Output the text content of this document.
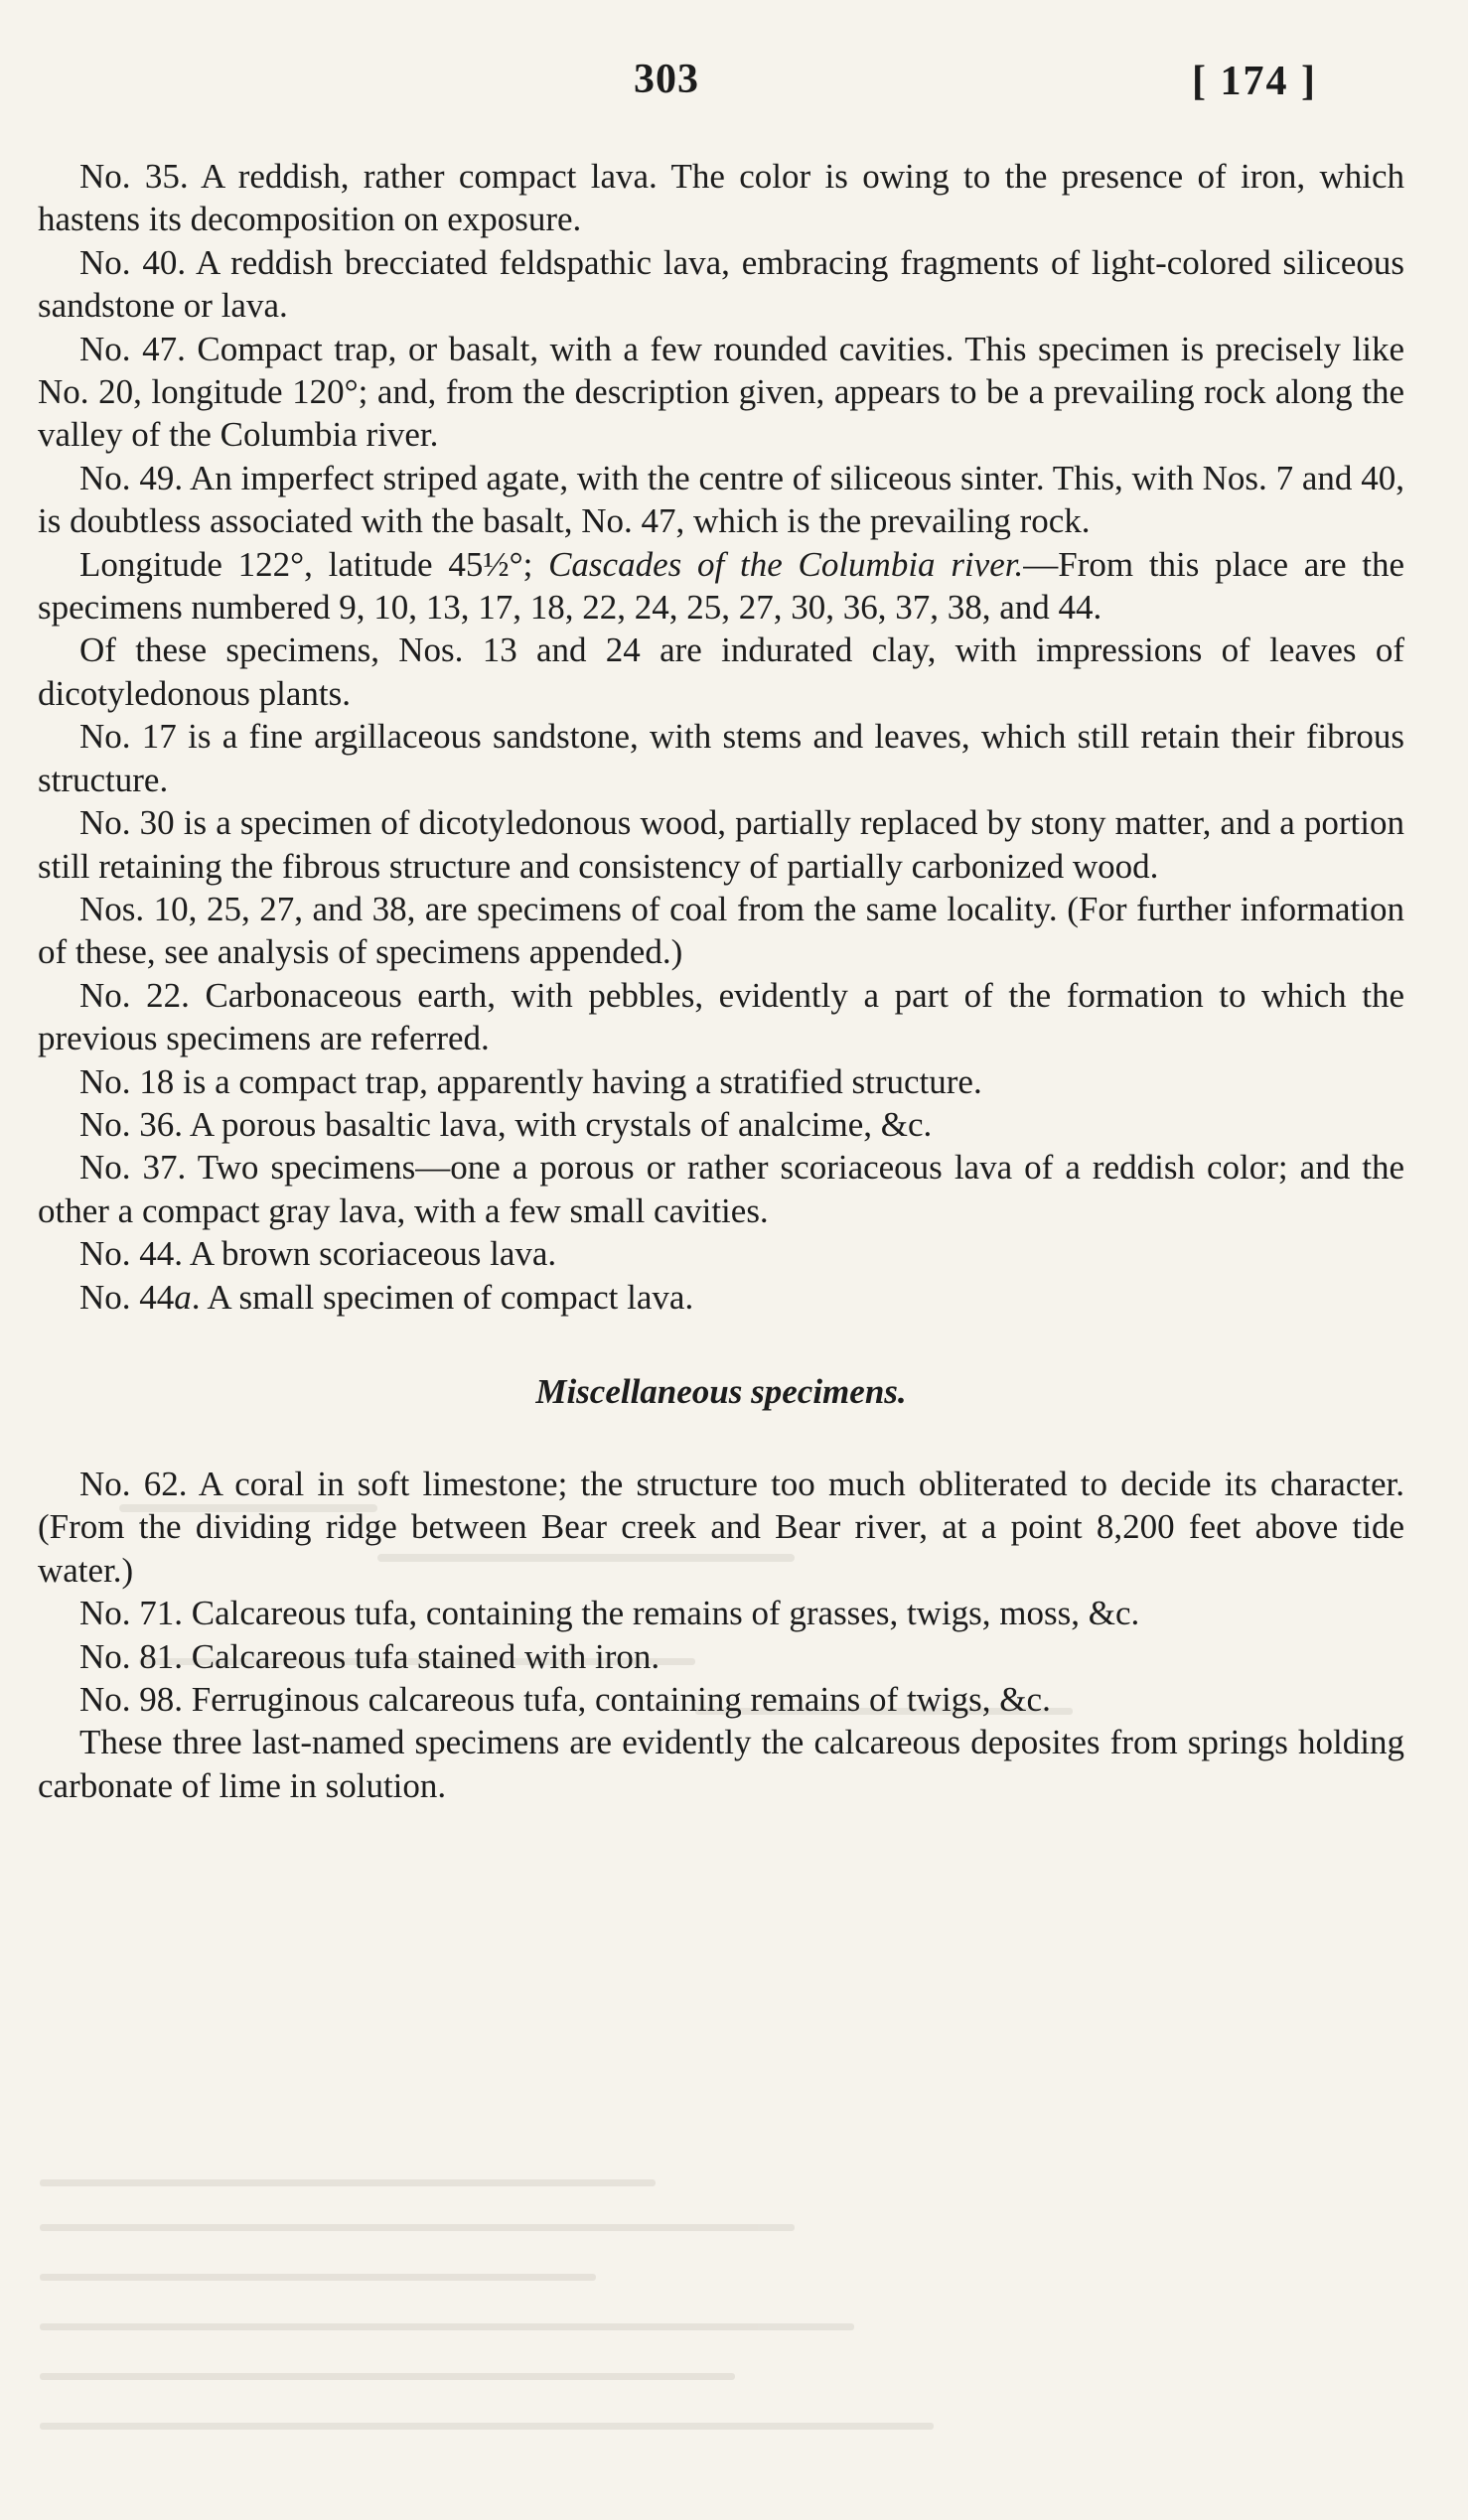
303	[ 174 ]

No. 35. A reddish, rather compact lava. The color is owing to the presence of iron, which hastens its decomposition on exposure.

No. 40. A reddish brecciated feldspathic lava, embracing fragments of light-colored siliceous sandstone or lava.

No. 47. Compact trap, or basalt, with a few rounded cavities. This specimen is precisely like No. 20, longitude 120°; and, from the description given, appears to be a prevailing rock along the valley of the Columbia river.

No. 49. An imperfect striped agate, with the centre of siliceous sinter. This, with Nos. 7 and 40, is doubtless associated with the basalt, No. 47, which is the prevailing rock.

Longitude 122°, latitude 45½°; Cascades of the Columbia river.—From this place are the specimens numbered 9, 10, 13, 17, 18, 22, 24, 25, 27, 30, 36, 37, 38, and 44.

Of these specimens, Nos. 13 and 24 are indurated clay, with impressions of leaves of dicotyledonous plants.

No. 17 is a fine argillaceous sandstone, with stems and leaves, which still retain their fibrous structure.

No. 30 is a specimen of dicotyledonous wood, partially replaced by stony matter, and a portion still retaining the fibrous structure and consistency of partially carbonized wood.

Nos. 10, 25, 27, and 38, are specimens of coal from the same locality. (For further information of these, see analysis of specimens appended.)

No. 22. Carbonaceous earth, with pebbles, evidently a part of the formation to which the previous specimens are referred.

No. 18 is a compact trap, apparently having a stratified structure.

No. 36. A porous basaltic lava, with crystals of analcime, &c.

No. 37. Two specimens—one a porous or rather scoriaceous lava of a reddish color; and the other a compact gray lava, with a few small cavities.

No. 44. A brown scoriaceous lava.

No. 44a. A small specimen of compact lava.

Miscellaneous specimens.

No. 62. A coral in soft limestone; the structure too much obliterated to decide its character. (From the dividing ridge between Bear creek and Bear river, at a point 8,200 feet above tide water.)

No. 71. Calcareous tufa, containing the remains of grasses, twigs, moss, &c.

No. 81. Calcareous tufa stained with iron.

No. 98. Ferruginous calcareous tufa, containing remains of twigs, &c.

These three last-named specimens are evidently the calcareous deposites from springs holding carbonate of lime in solution.
